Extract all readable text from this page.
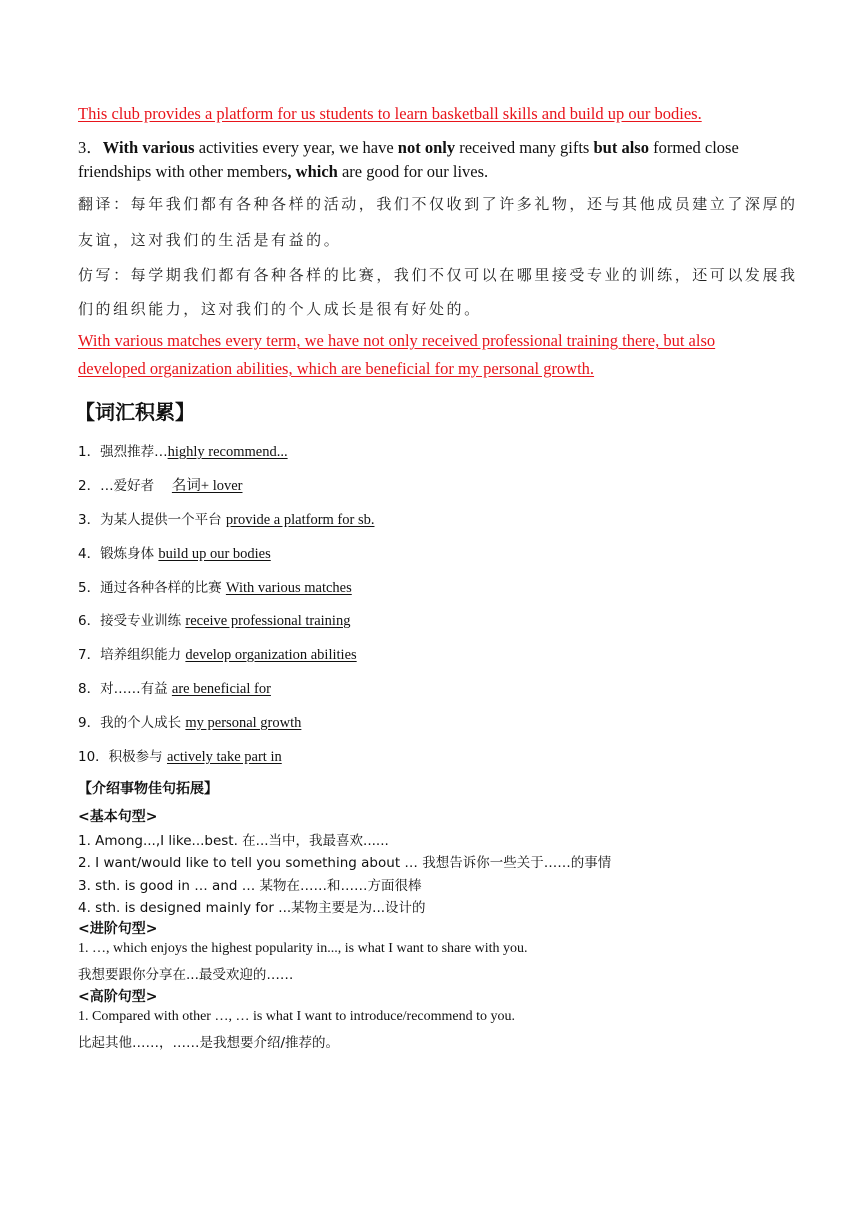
This club provides a platform for us students to learn basketball skills and build up our bodies.
3．With various activities every year, we have not only received many gifts but also formed close
friendships with other members, which are good for our lives.
翻译：每年我们都有各种各样的活动，我们不仅收到了许多礼物，还与其他成员建立了深厚的
友谊，这对我们的生活是有益的。
仿写：每学期我们都有各种各样的比赛，我们不仅可以在哪里接受专业的训练，还可以发展我
们的组织能力，这对我们的个人成长是很有好处的。
With various matches every term, we have not only received professional training there, but also
developed organization abilities, which are beneficial for my personal growth.
【词汇积累】
1．强烈推荐…highly recommend...
2．…爱好者　 名词+ lover
3．为某人提供一个平台 provide a platform for sb.
4．锻炼身体 build up our bodies
5．通过各种各样的比赛 With various matches
6．接受专业训练 receive professional training
7．培养组织能力 develop organization abilities
8．对……有益 are beneficial for
9．我的个人成长 my personal growth
10．积极参与 actively take part in
【介绍事物佳句拓展】
<基本句型>
1. Among...,I like...best. 在...当中，我最喜欢......
2. I want/would like to tell you something about … 我想告诉你一些关于……的事情
3. sth. is good in … and … 某物在……和……方面很棒
4. sth. is designed mainly for ...某物主要是为...设计的
<进阶句型>
1. …, which enjoys the highest popularity in..., is what I want to share with you.
我想要跟你分享在...最受欢迎的……
<高阶句型>
1. Compared with other …, … is what I want to introduce/recommend to you.
比起其他……，……是我想要介绍/推荐的。
